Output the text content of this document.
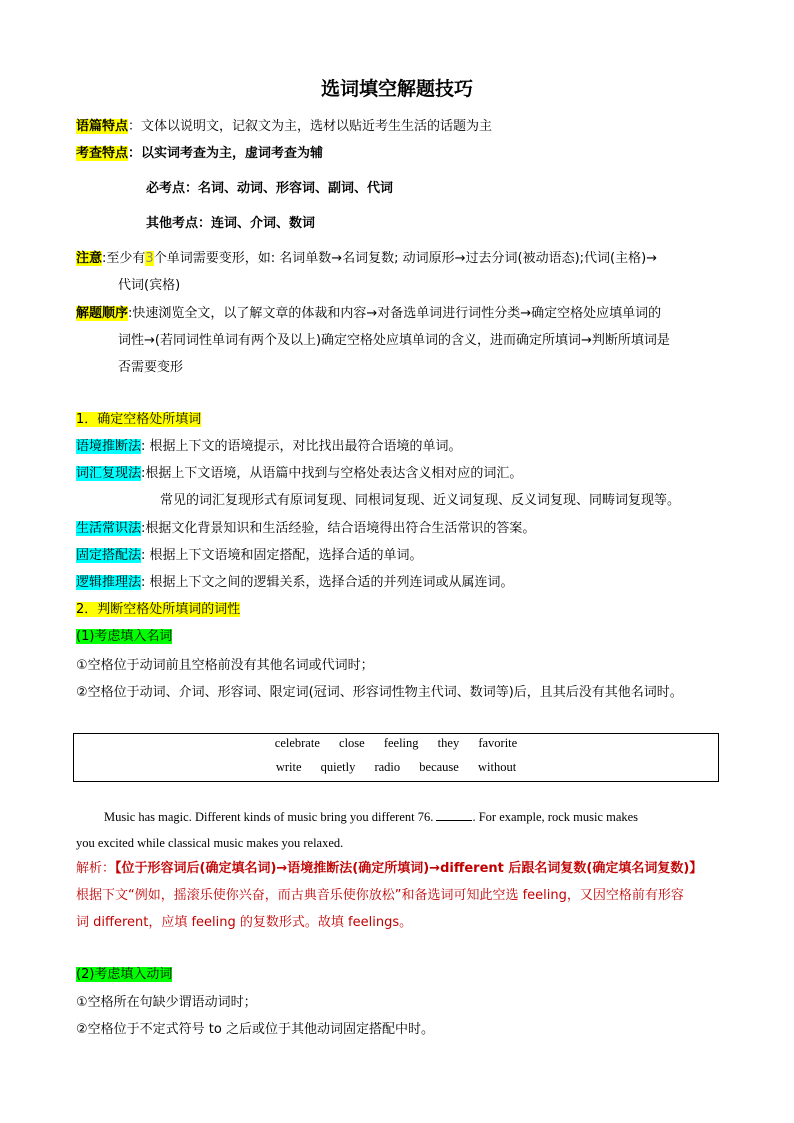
选词填空解题技巧
语篇特点：文体以说明文，记叙文为主，选材以贴近考生生活的话题为主
考查特点：以实词考查为主，虚词考查为辅
必考点：名词、动词、形容词、副词、代词
其他考点：连词、介词、数词
注意:至少有3个单词需要变形，如: 名词单数→名词复数; 动词原形→过去分词(被动语态);代词(主格)→
代词(宾格)
解题顺序:快速浏览全文，以了解文章的体裁和内容→对备选单词进行词性分类→确定空格处应填单词的
词性→(若同词性单词有两个及以上)确定空格处应填单词的含义，进而确定所填词→判断所填词是
否需要变形
1．确定空格处所填词
语境推断法: 根据上下文的语境提示，对比找出最符合语境的单词。
词汇复现法:根据上下文语境，从语篇中找到与空格处表达含义相对应的词汇。
常见的词汇复现形式有原词复现、同根词复现、近义词复现、反义词复现、同畴词复现等。
生活常识法:根据文化背景知识和生活经验，结合语境得出符合生活常识的答案。
固定搭配法: 根据上下文语境和固定搭配，选择合适的单词。
逻辑推理法: 根据上下文之间的逻辑关系，选择合适的并列连词或从属连词。
2．判断空格处所填词的词性
(1)考虑填入名词
①空格位于动词前且空格前没有其他名词或代词时；
②空格位于动词、介词、形容词、限定词(冠词、形容词性物主代词、数词等)后，且其后没有其他名词时。
celebrate close feeling they favorite
write quietly radio because without
Music has magic. Different kinds of music bring you different 76.	. For example, rock music makes
you excited while classical music makes you relaxed.
解析：【位于形容词后(确定填名词)→语境推断法(确定所填词)→different 后跟名词复数(确定填名词复数)】
根据下文“例如，摇滚乐使你兴奋，而古典音乐使你放松”和备选词可知此空选 feeling，又因空格前有形容
词 different，应填 feeling 的复数形式。故填 feelings。
(2)考虑填入动词
①空格所在句缺少谓语动词时；
②空格位于不定式符号 to 之后或位于其他动词固定搭配中时。
